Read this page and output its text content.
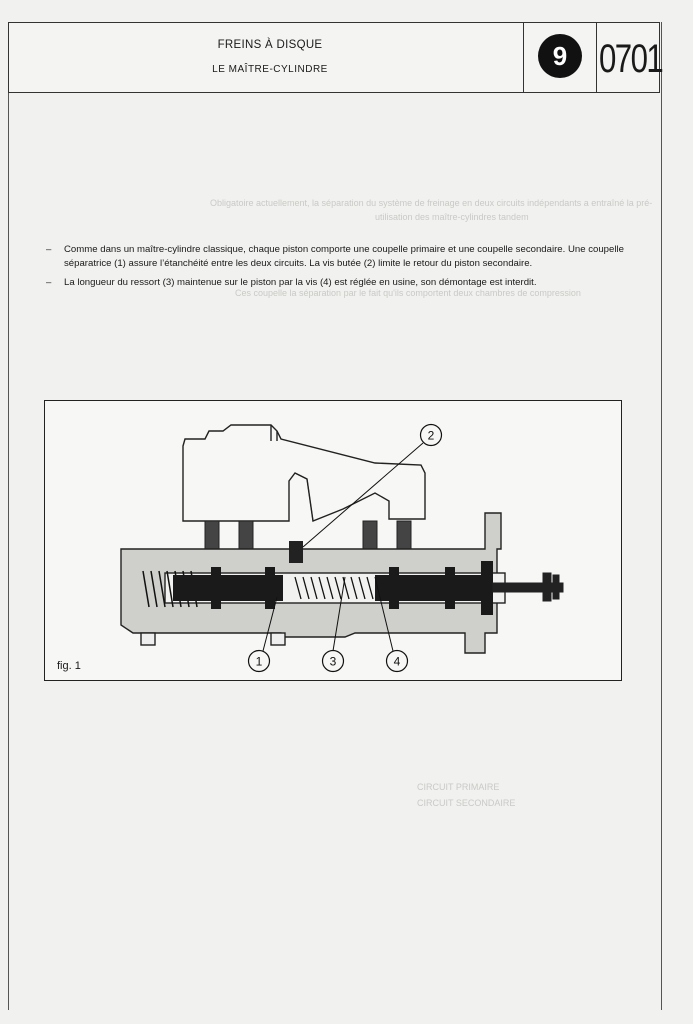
Obligatoire actuellement, la séparation du système de freinage en deux circuits indépendants a entraîné la pré-
utilisation des maître-cylindres tandem
Ces coupelle la séparation par le fait qu'ils comportent deux chambres de compression
CIRCUIT PRIMAIRE
CIRCUIT SECONDAIRE
FREINS À DISQUE
LE MAÎTRE-CYLINDRE	9 0701
– Comme dans un maître-cylindre classique, chaque piston comporte une coupelle primaire et une coupelle secondaire. Une coupelle séparatrice (1) assure l’étanchéité entre les deux circuits. La vis butée (2) limite le retour du piston secondaire.
– La longueur du ressort (3) maintenue sur le piston par la vis (4) est réglée en usine, son démontage est interdit.
2
1	3	4
fig. 1
